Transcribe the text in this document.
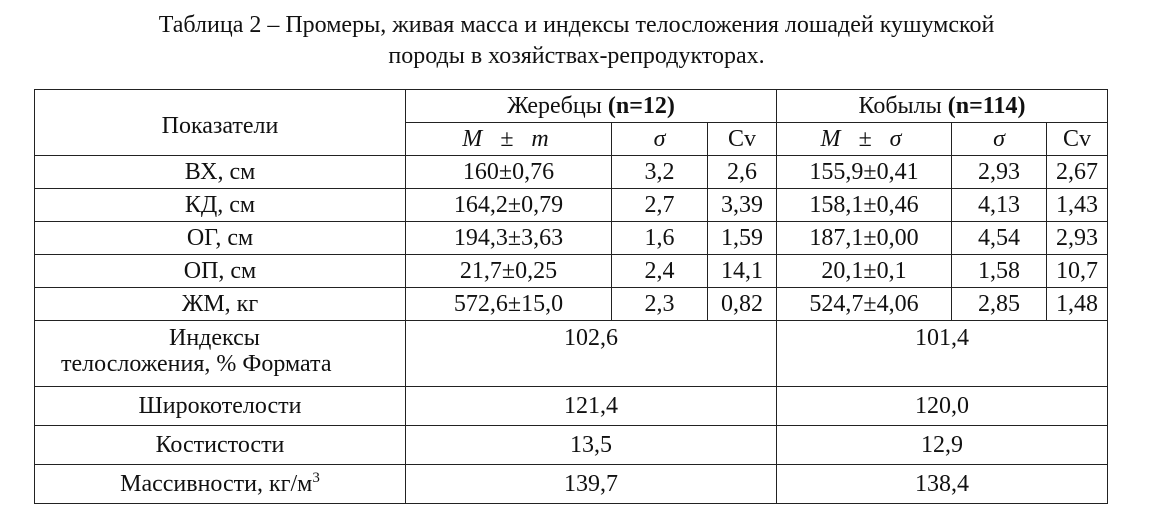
Таблица 2 – Промеры, живая масса и индексы телосложения лошадей кушумской
породы в хозяйствах-репродукторах.
Показатели	Жеребцы (n=12)			Кобылы (n=114)		
	M ± m	σ	Cv	M ± σ	σ	Cv
ВХ, см	160±0,76	3,2	2,6	155,9±0,41	2,93	2,67
КД, см	164,2±0,79	2,7	3,39	158,1±0,46	4,13	1,43
ОГ, см	194,3±3,63	1,6	1,59	187,1±0,00	4,54	2,93
ОП, см	21,7±0,25	2,4	14,1	20,1±0,1	1,58	10,7
ЖМ, кг	572,6±15,0	2,3	0,82	524,7±4,06	2,85	1,48

Индексы
телосложения, % Формата	102,6			101,4		
Широкотелости	121,4			120,0		
Костистости	13,5			12,9		
Массивности, $кг/м^3$	139,7			138,4		
